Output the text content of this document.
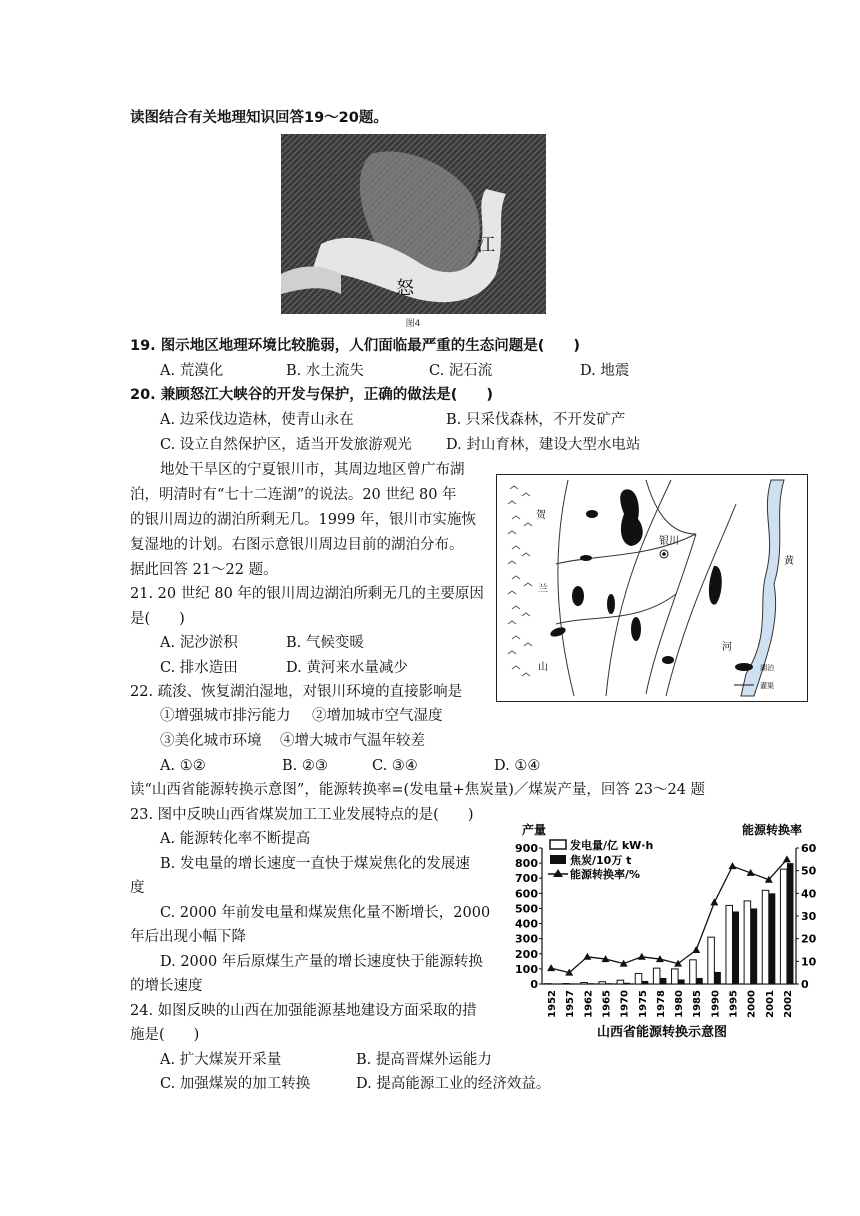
读图结合有关地理知识回答19～20题。
江
怒
图4
19. 图示地区地理环境比较脆弱，人们面临最严重的生态问题是(　　)
A. 荒漠化	B. 水土流失	C. 泥石流	D. 地震
20. 兼顾怒江大峡谷的开发与保护，正确的做法是(　　)
A. 边采伐边造林，使青山永在	B. 只采伐森林，不开发矿产
C. 设立自然保护区，适当开发旅游观光 D. 封山育林，建设大型水电站
地处干旱区的宁夏银川市，其周边地区曾广布湖
泊，明清时有“七十二连湖”的说法。20 世纪 80 年
的银川周边的湖泊所剩无几。1999 年，银川市实施恢
复湿地的计划。右图示意银川周边目前的湖泊分布。
据此回答 21～22 题。
贺
兰
山
黄
河
银川
湖泊
灌渠
21. 20 世纪 80 年的银川周边湖泊所剩无几的主要原因
是(　　)
A. 泥沙淤积	B. 气候变暖
C. 排水造田	D. 黄河来水量减少
22. 疏浚、恢复湖泊湿地，对银川环境的直接影响是
①增强城市排污能力 ②增加城市空气湿度
③美化城市环境 ④增大城市气温年较差
A. ①②	B. ②③	C. ③④	D. ①④
读“山西省能源转换示意图”，能源转换率=(发电量+焦炭量)／煤炭产量，回答 23～24 题
23. 图中反映山西省煤炭加工工业发展特点的是(　　)
A. 能源转化率不断提高
B. 发电量的增长速度一直快于煤炭焦化的发展速
度
C. 2000 年前发电量和煤炭焦化量不断增长，2000
年后出现小幅下降
D. 2000 年后原煤生产量的增长速度快于能源转换
的增长速度
24. 如图反映的山西在加强能源基地建设方面采取的措
施是(　　)
A. 扩大煤炭开采量	B. 提高晋煤外运能力
C. 加强煤炭的加工转换	D. 提高能源工业的经济效益。
产量	能源转换率
0
100
200
300
400
500
600
700
800
900
0
10
20
30
40
50
60
1952 1957 1962 1965 1970 1975 1978 1980 1985 1990 1995 2000 2001 2002
发电量/亿 kW·h
焦炭/10万 t
能源转换率/%
山西省能源转换示意图
